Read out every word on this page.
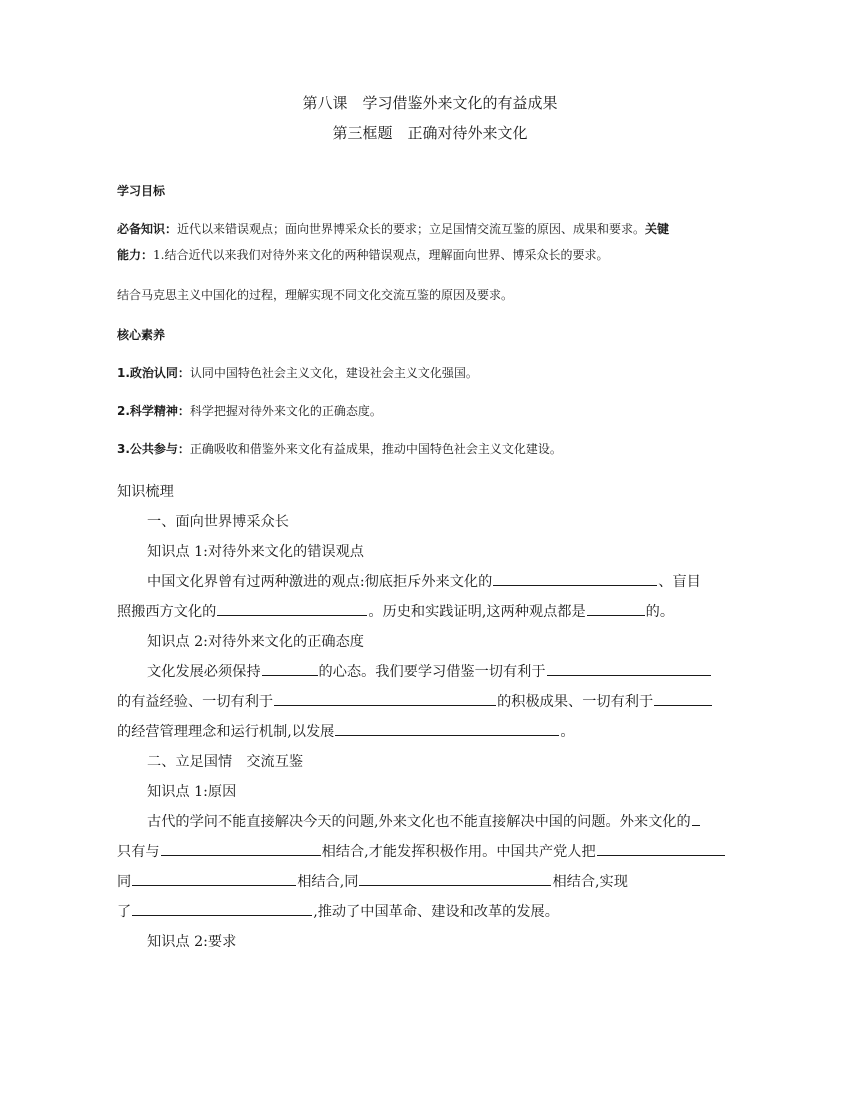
第八课　学习借鉴外来文化的有益成果
第三框题　正确对待外来文化
学习目标
必备知识：近代以来错误观点；面向世界博采众长的要求；立足国情交流互鉴的原因、成果和要求。关键
能力：1.结合近代以来我们对待外来文化的两种错误观点，理解面向世界、博采众长的要求。
结合马克思主义中国化的过程，理解实现不同文化交流互鉴的原因及要求。
核心素养
1.政治认同：认同中国特色社会主义文化，建设社会主义文化强国。
2.科学精神：科学把握对待外来文化的正确态度。
3.公共参与：正确吸收和借鉴外来文化有益成果，推动中国特色社会主义文化建设。
知识梳理
一、面向世界博采众长
知识点 1:对待外来文化的错误观点
中国文化界曾有过两种激进的观点:彻底拒斥外来文化的	、盲目
照搬西方文化的	。历史和实践证明,这两种观点都是	的。
知识点 2:对待外来文化的正确态度
文化发展必须保持	的心态。我们要学习借鉴一切有利于
的有益经验、一切有利于	的积极成果、一切有利于
的经营管理理念和运行机制,以发展	。
二、立足国情　交流互鉴
知识点 1:原因
古代的学问不能直接解决今天的问题,外来文化也不能直接解决中国的问题。外来文化的
只有与	相结合,才能发挥积极作用。中国共产党人把
同	相结合,同	相结合,实现
了	,推动了中国革命、建设和改革的发展。
知识点 2:要求
